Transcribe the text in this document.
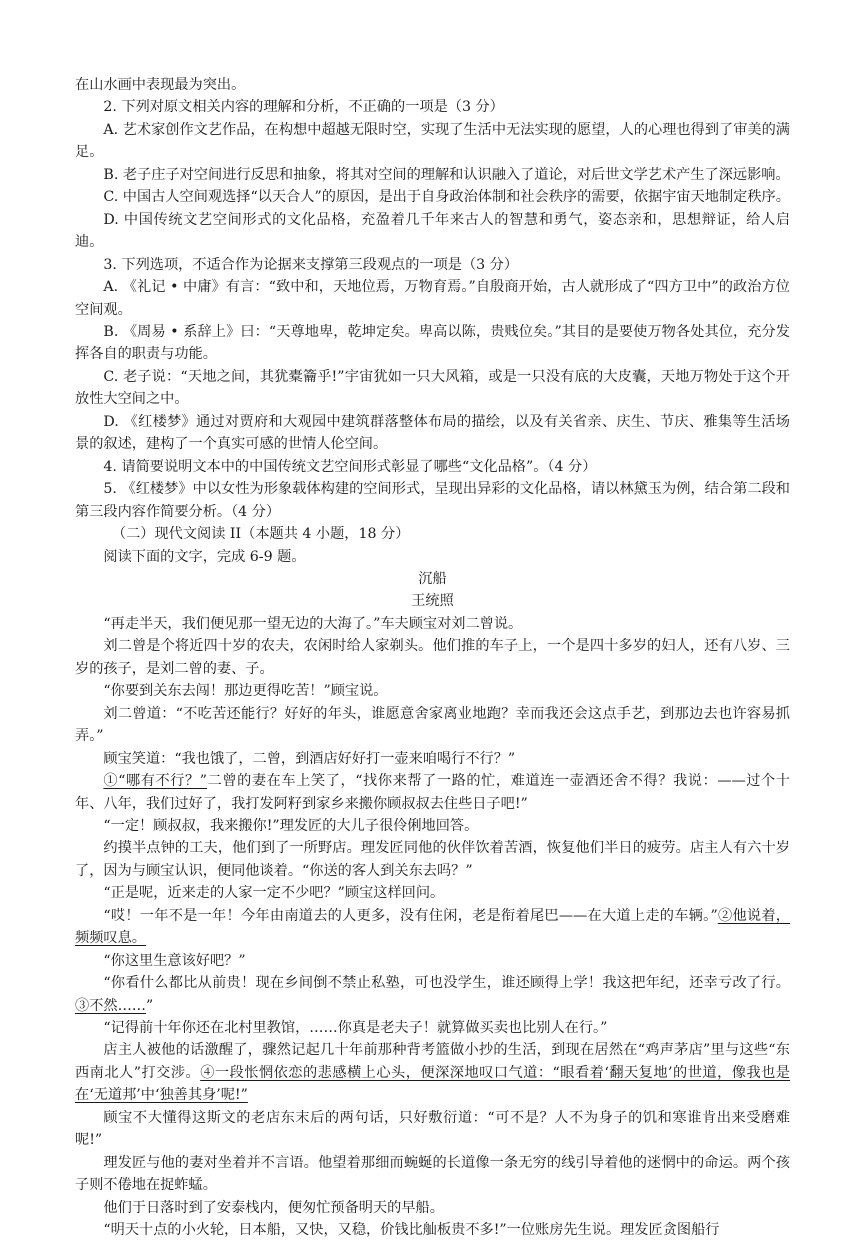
在山水画中表现最为突出。

2. 下列对原文相关内容的理解和分析，不正确的一项是（3 分）

A. 艺术家创作文艺作品，在构想中超越无限时空，实现了生活中无法实现的愿望，人的心理也得到了审美的满足。

B. 老子庄子对空间进行反思和抽象，将其对空间的理解和认识融入了道论，对后世文学艺术产生了深远影响。

C. 中国古人空间观选择“以天合人”的原因，是出于自身政治体制和社会秩序的需要，依据宇宙天地制定秩序。

D. 中国传统文艺空间形式的文化品格，充盈着几千年来古人的智慧和勇气，姿态亲和，思想辩证，给人启迪。

3. 下列选项，不适合作为论据来支撑第三段观点的一项是（3 分）

A. 《礼记 • 中庸》有言：“致中和，天地位焉，万物育焉。”自殷商开始，古人就形成了“四方卫中”的政治方位空间观。

B. 《周易 • 系辞上》曰：“天尊地卑，乾坤定矣。卑高以陈，贵贱位矣。”其目的是要使万物各处其位，充分发挥各自的职责与功能。

C. 老子说：“天地之间，其犹橐籥乎!”宇宙犹如一只大风箱，或是一只没有底的大皮囊，天地万物处于这个开放性大空间之中。

D. 《红楼梦》通过对贾府和大观园中建筑群落整体布局的描绘，以及有关省亲、庆生、节庆、雅集等生活场景的叙述，建构了一个真实可感的世情人伦空间。

4. 请简要说明文本中的中国传统文艺空间形式彰显了哪些“文化品格”。（4 分）

5. 《红楼梦》中以女性为形象载体构建的空间形式，呈现出异彩的文化品格，请以林黛玉为例，结合第二段和第三段内容作简要分析。（4 分）

（二）现代文阅读 II（本题共 4 小题，18 分）

阅读下面的文字，完成 6-9 题。

沉船

王统照

“再走半天，我们便见那一望无边的大海了。”车夫顾宝对刘二曾说。

刘二曾是个将近四十岁的农夫，农闲时给人家剃头。他们推的车子上，一个是四十多岁的妇人，还有八岁、三岁的孩子，是刘二曾的妻、子。

“你要到关东去闯！那边更得吃苦！”顾宝说。

刘二曾道：“不吃苦还能行？好好的年头，谁愿意舍家离业地跑？幸而我还会这点手艺，到那边去也许容易抓弄。”

顾宝笑道：“我也饿了，二曾，到酒店好好打一壶来咱喝行不行？”

①“哪有不行？”二曾的妻在车上笑了，“找你来帮了一路的忙，难道连一壶酒还舍不得？我说：——过个十年、八年，我们过好了，我打发阿籽到家乡来搬你顾叔叔去住些日子吧!”

“一定！顾叔叔，我来搬你!”理发匠的大儿子很伶俐地回答。

约摸半点钟的工夫，他们到了一所野店。理发匠同他的伙伴饮着苦酒，恢复他们半日的疲劳。店主人有六十岁了，因为与顾宝认识，便同他谈着。“你送的客人到关东去吗？”

“正是呢，近来走的人家一定不少吧？”顾宝这样回问。

“哎！一年不是一年！今年由南道去的人更多，没有住闲，老是衔着尾巴——在大道上走的车辆。”②他说着，频频叹息。

“你这里生意该好吧？”

“你看什么都比从前贵！现在乡间倒不禁止私塾，可也没学生，谁还顾得上学！我这把年纪，还幸亏改了行。③不然……”

“记得前十年你还在北村里教馆，……你真是老夫子！就算做买卖也比别人在行。”

店主人被他的话激醒了，骤然记起几十年前那种背考篮做小抄的生活，到现在居然在“鸡声茅店”里与这些“东西南北人”打交涉。④一段怅惘依恋的悲感横上心头，便深深地叹口气道：“眼看着‘翻天复地’的世道，像我也是在‘无道邦’中‘独善其身’呢!”

顾宝不大懂得这斯文的老店东末后的两句话，只好敷衍道：“可不是？人不为身子的饥和寒谁肯出来受磨难呢!”

理发匠与他的妻对坐着并不言语。他望着那细而蜿蜒的长道像一条无穷的线引导着他的迷惘中的命运。两个孩子则不倦地在捉蚱蜢。

他们于日落时到了安泰栈内，便匆忙预备明天的早船。

“明天十点的小火轮，日本船，又快，又稳，价钱比舢板贵不多!”一位账房先生说。理发匠贪图船行
